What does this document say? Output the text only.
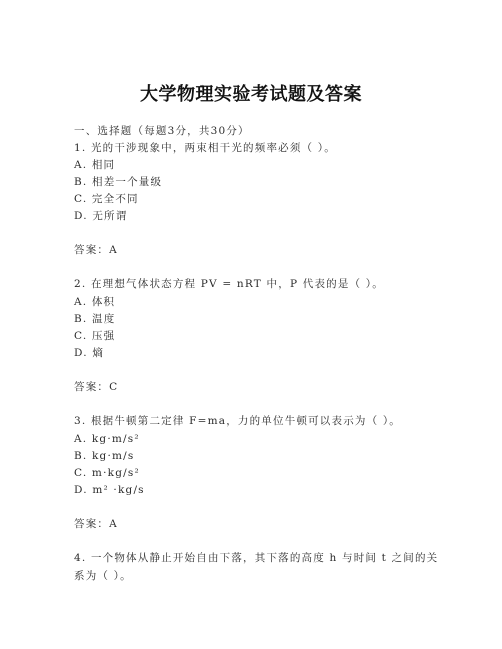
大学物理实验考试题及答案
一、选择题（每题3分，共30分）
1. 光的干涉现象中，两束相干光的频率必须（ ）。
A. 相同
B. 相差一个量级
C. 完全不同
D. 无所谓
答案：A
2. 在理想气体状态方程 PV = nRT 中，P 代表的是（ ）。
A. 体积
B. 温度
C. 压强
D. 熵
答案：C
3. 根据牛顿第二定律 F=ma，力的单位牛顿可以表示为（ ）。
A. kg·m/s²
B. kg·m/s
C. m·kg/s²
D. m² ·kg/s
答案：A
4. 一个物体从静止开始自由下落，其下落的高度 h 与时间 t 之间的关系为（ ）。
